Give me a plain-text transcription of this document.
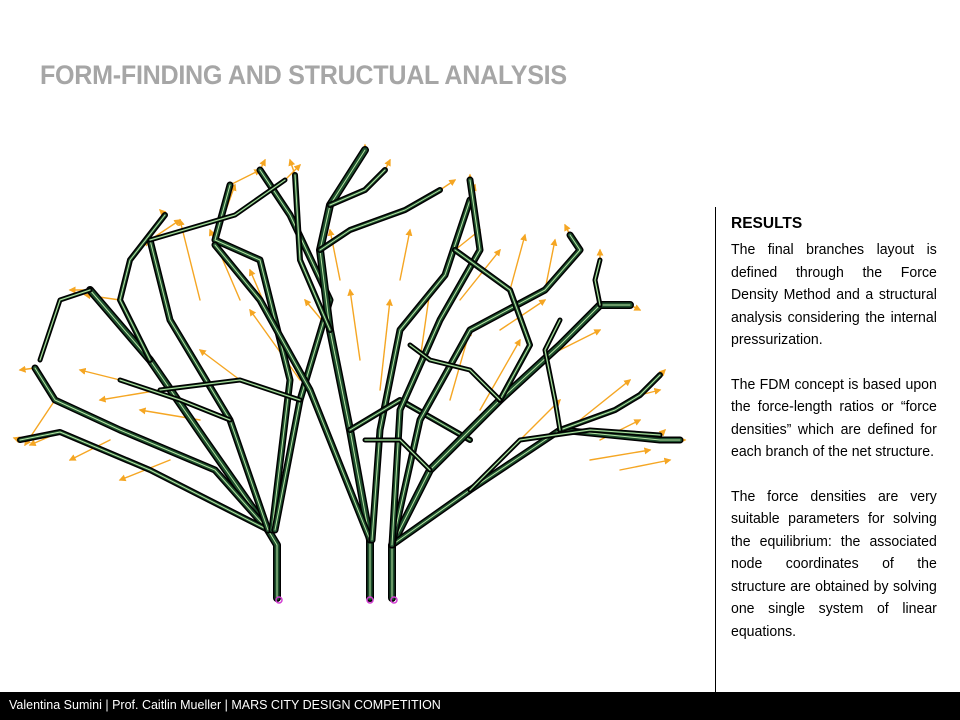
FORM-FINDING AND STRUCTUAL ANALYSIS
RESULTS

The final branches layout is defined through the Force Density Method and a structural analysis considering the internal pressurization.

The FDM concept is based upon the force-length ratios or “force densities” which are defined for each branch of the net structure.

The force densities are very suitable parameters for solving the equilibrium: the associated node coordinates of the structure are obtained by solving one single system of linear equations.

Valentina Sumini | Prof. Caitlin Mueller | MARS CITY DESIGN COMPETITION
